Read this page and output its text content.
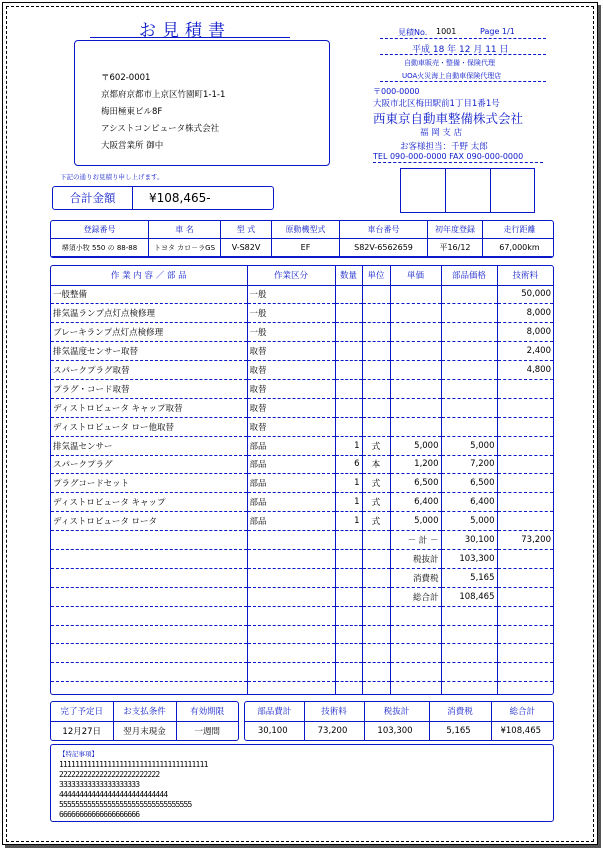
お見積書
〒602-0001
京都府京都市上京区竹園町1-1-1
梅田極東ビル8F
アシストコンピュータ株式会社
大阪営業所 御中
見積No. 1001	Page 1/1
平成 18 年 12 月 11 日
自動車販売・整備・保険代理
UOA火災海上自動車保険代理店
〒000-0000
大阪市北区梅田駅前1丁目1番1号
西東京自動車整備株式会社
福 岡 支 店
お客様担当：千野 太郎
TEL 090-000-0000 FAX 090-000-0000
下記の通りお見積り申し上げます。
合計金額	¥108,465-
登録番号	車 名	型 式	原動機型式	車台番号	初年度登録	走行距離
堺須小牧 550 の 88-88	トヨタ カロ－ラGS	V-S82V	EF	S82V-6562659	平16/12	67,000km
作 業 内 容 ／ 部 品	作業区分	数量	単位	単価	部品価格	技術料
一般整備	一般					50,000
排気温ランプ点灯点検修理	一般					8,000
ブレーキランプ点灯点検修理	一般					8,000
排気温度センサー取替	取替					2,400
スパークプラグ取替	取替					4,800
プラグ・コード取替	取替					
ディストロビュータ キャップ取替	取替					
ディストロビュータ ロー他取替	取替					
排気温センサー	部品	1	式	5,000	5,000	
スパークプラグ	部品	6	本	1,200	7,200	
プラグコードセット	部品	1	式	6,500	6,500	
ディストロビュータ キャップ	部品	1	式	6,400	6,400	
ディストロビュータ ロータ	部品	1	式	5,000	5,000	
				－ 計 －	30,100	73,200
				税抜計	103,300	
				消費税	5,165	
				総合計	108,465	

完了予定日	お支払条件	有効期限
12月27日	翌月末現金	一週間
部品費計	技術料	税抜計	消費税	総合計
30,100	73,200	103,300	5,165	¥108,465
【特記事項】
1111111111111111111111111111111111111
2222222222222222222222222
33333333333333333333
444444444444444444444444444
555555555555555555555555555555555
66666666666666666666
